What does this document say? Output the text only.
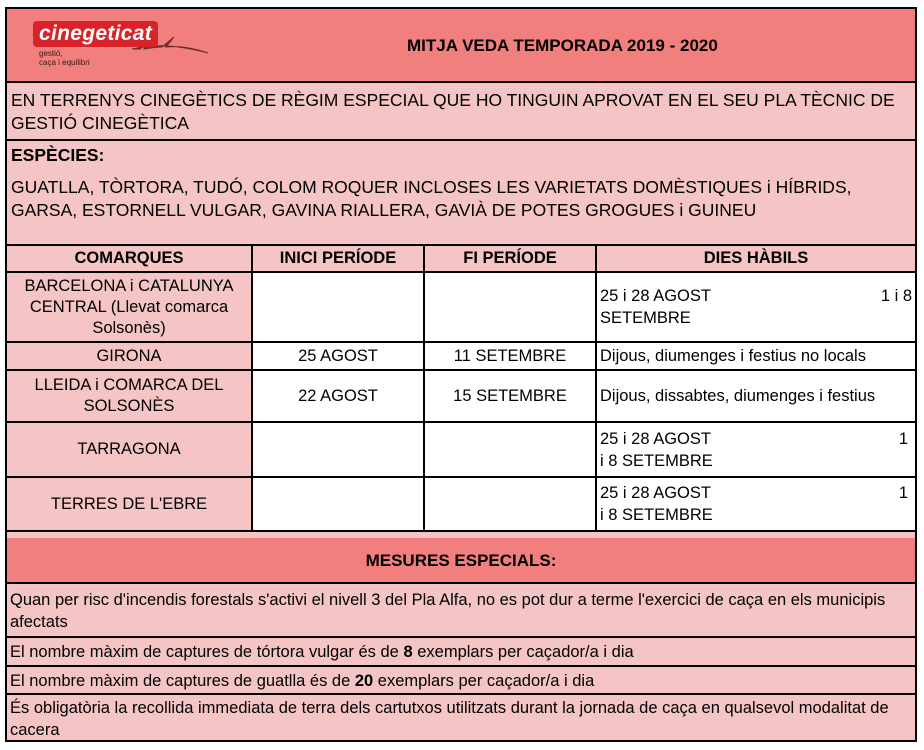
cinegeticat
gestió,
caça i equilibri
MITJA VEDA TEMPORADA 2019 - 2020
EN TERRENYS CINEGÈTICS DE RÈGIM ESPECIAL QUE HO TINGUIN APROVAT EN EL SEU PLA TÈCNIC DE GESTIÓ CINEGÈTICA
ESPÈCIES:
GUATLLA, TÒRTORA, TUDÓ, COLOM ROQUER INCLOSES LES VARIETATS DOMÈSTIQUES i HÍBRIDS, GARSA, ESTORNELL VULGAR, GAVINA RIALLERA, GAVIÀ DE POTES GROGUES i GUINEU
COMARQUES	INICI PERÍODE	FI PERÍODE	DIES HÀBILS
BARCELONA i CATALUNYA CENTRAL (Llevat comarca Solsonès)			25 i 28 AGOST 1 i 8
SETEMBRE

GIRONA	25 AGOST	11 SETEMBRE	Dijous, diumenges i festius no locals
LLEIDA i COMARCA DEL SOLSONÈS	22 AGOST	15 SETEMBRE	Dijous, dissabtes, diumenges i festius
TARRAGONA			25 i 28 AGOST 1
i 8 SETEMBRE

TERRES DE L'EBRE			25 i 28 AGOST 1
i 8 SETEMBRE
MESURES ESPECIALS:
Quan per risc d'incendis forestals s'activi el nivell 3 del Pla Alfa, no es pot dur a terme l'exercici de caça en els municipis afectats
El nombre màxim de captures de tórtora vulgar és de 8 exemplars per caçador/a i dia
El nombre màxim de captures de guatlla és de 20 exemplars per caçador/a i dia
És obligatòria la recollida immediata de terra dels cartutxos utilitzats durant la jornada de caça en qualsevol modalitat de cacera
